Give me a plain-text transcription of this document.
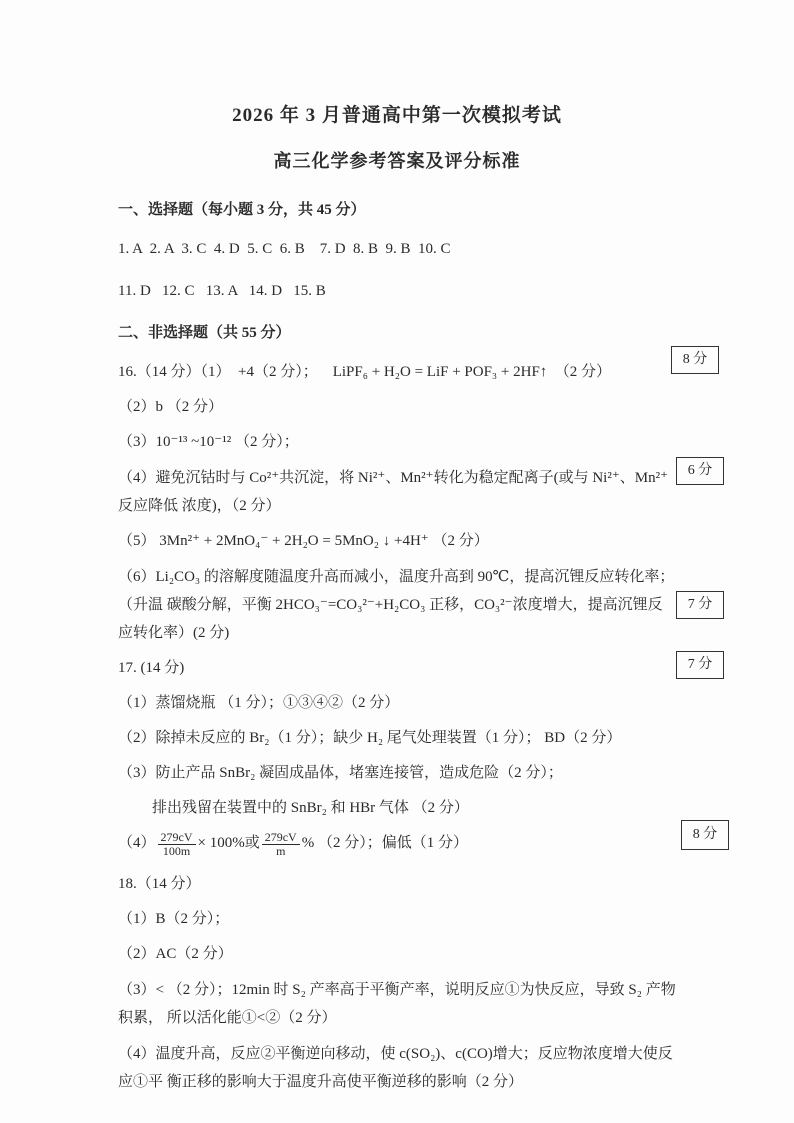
2026 年 3 月普通高中第一次模拟考试
高三化学参考答案及评分标准

一、选择题（每小题 3 分，共 45 分）

1. A  2. A  3. C  4. D  5. C  6. B    7. D  8. B  9. B  10. C

11. D   12. C   13. A   14. D   15. B

二、非选择题（共 55 分）

16.（14 分）（1）  +4（2 分）；    LiPF₆ + H₂O = LiF + POF₃ + 2HF↑　（2 分）

（2）b （2 分）

（3）10⁻¹³ ~10⁻¹² （2 分）；

（4）避免沉钴时与 Co²⁺共沉淀，将 Ni²⁺、Mn²⁺转化为稳定配离子(或与 Ni²⁺、Mn²⁺反应降低 浓度)，（2 分）

（5） 3Mn²⁺ + 2MnO₄⁻ + 2H₂O = 5MnO₂ ↓ +4H⁺ （2 分）

（6）Li₂CO₃ 的溶解度随温度升高而减小，温度升高到 90℃，提高沉锂反应转化率；（升温 碳酸分解，平衡 2HCO₃⁻=CO₃²⁻+H₂CO₃ 正移，CO₃²⁻浓度增大，提高沉锂反应转化率）(2 分)

17. (14 分)

（1）蒸馏烧瓶 （1 分）；①③④②（2 分）

（2）除掉未反应的 Br₂（1 分）；缺少 H₂ 尾气处理装置（1 分）； BD（2 分）

（3）防止产品 SnBr₂ 凝固成晶体，堵塞连接管，造成危险（2 分）；

排出残留在装置中的 SnBr₂ 和 HBr 气体 （2 分）

$(4) \frac{279cV}{100m} \times 100\%$或 $\frac{279cV}{m}$ % （2 分）；偏低（1 分）

18.（14 分）

（1）B（2 分）；

（2）AC（2 分）

（3）< （2 分）；12min 时 S₂ 产率高于平衡产率，说明反应①为快反应，导致 S₂ 产物积累， 所以活化能①<②（2 分）

（4）温度升高，反应②平衡逆向移动，使 c(SO₂)、c(CO)增大；反应物浓度增大使反应①平 衡正移的影响大于温度升高使平衡逆移的影响（2 分）

8 分
6 分
7 分
7 分
8 分
